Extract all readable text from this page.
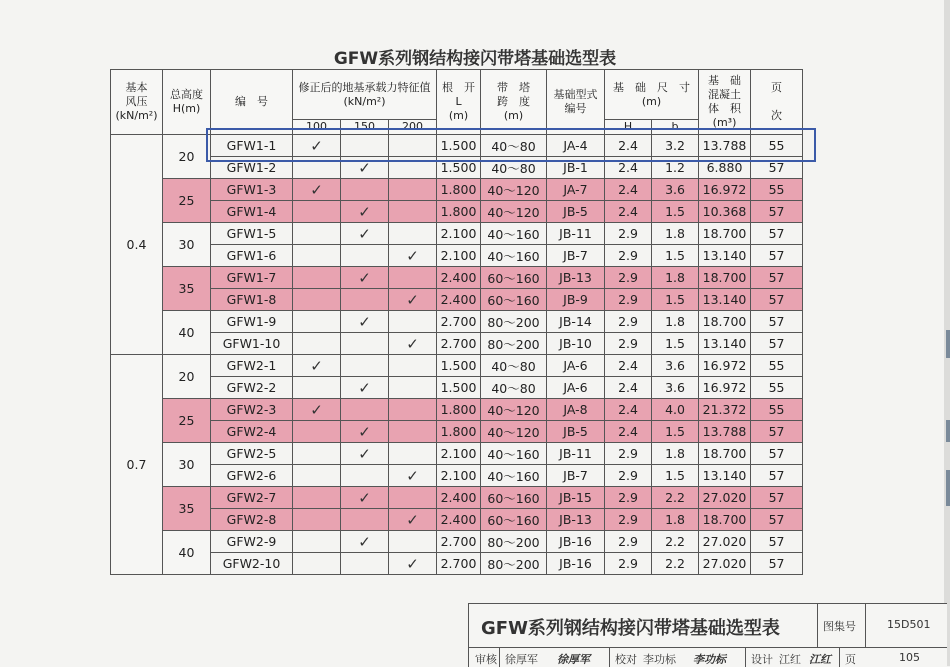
GFW系列钢结构接闪带塔基础选型表
基本
风压
(kN/m²)	总高度
H(m)	编　号	修正后的地基承载力特征值
(kN/m²)			根　开
L
(m)	带　塔
跨　度
(m)	基础型式
编号	基　础　尺　寸
(m)		基　础
混凝土
体　积
(m³)	页

次
			100	150	200				H	b		
0.4	20	GFW1-1	✓			1.500	40～80	JA-4	2.4	3.2	13.788	55
		GFW1-2		✓		1.500	40～80	JB-1	2.4	1.2	6.880	57
	25	GFW1-3	✓			1.800	40～120	JA-7	2.4	3.6	16.972	55
		GFW1-4		✓		1.800	40～120	JB-5	2.4	1.5	10.368	57
	30	GFW1-5		✓		2.100	40～160	JB-11	2.9	1.8	18.700	57
		GFW1-6			✓	2.100	40～160	JB-7	2.9	1.5	13.140	57
	35	GFW1-7		✓		2.400	60～160	JB-13	2.9	1.8	18.700	57
		GFW1-8			✓	2.400	60～160	JB-9	2.9	1.5	13.140	57
	40	GFW1-9		✓		2.700	80～200	JB-14	2.9	1.8	18.700	57
		GFW1-10			✓	2.700	80～200	JB-10	2.9	1.5	13.140	57
0.7	20	GFW2-1	✓			1.500	40～80	JA-6	2.4	3.6	16.972	55
		GFW2-2		✓		1.500	40～80	JA-6	2.4	3.6	16.972	55
	25	GFW2-3	✓			1.800	40～120	JA-8	2.4	4.0	21.372	55
		GFW2-4		✓		1.800	40～120	JB-5	2.4	1.5	13.788	57
	30	GFW2-5		✓		2.100	40～160	JB-11	2.9	1.8	18.700	57
		GFW2-6			✓	2.100	40～160	JB-7	2.9	1.5	13.140	57
	35	GFW2-7		✓		2.400	60～160	JB-15	2.9	2.2	27.020	57
		GFW2-8			✓	2.400	60～160	JB-13	2.9	1.8	18.700	57
	40	GFW2-9		✓		2.700	80～200	JB-16	2.9	2.2	27.020	57
		GFW2-10			✓	2.700	80～200	JB-16	2.9	2.2	27.020	57
GFW系列钢结构接闪带塔基础选型表	图集号	15D501
审核 徐厚军 徐厚军 校对 李功标 李功标 设计 江红 江红 页	105
